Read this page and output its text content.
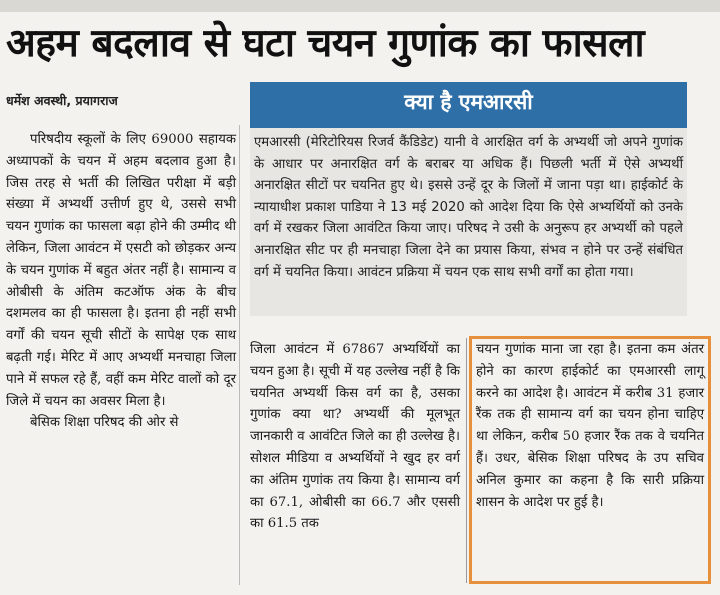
अहम बदलाव से घटा चयन गुणांक का फासला
धर्मेश अवस्थी, प्रयागराज	क्या है एमआरसी
एमआरसी (मेरिटोरियस रिजर्व कैंडिडेट) यानी वे आरक्षित वर्ग के अभ्यर्थी जो अपने गुणांक के आधार पर अनारक्षित वर्ग के बराबर या अधिक हैं। पिछली भर्ती में ऐसे अभ्यर्थी अनारक्षित सीटों पर चयनित हुए थे। इससे उन्हें दूर के जिलों में जाना पड़ा था। हाईकोर्ट के न्यायाधीश प्रकाश पाडिया ने 13 मई 2020 को आदेश दिया कि ऐसे अभ्यर्थियों को उनके वर्ग में रखकर जिला आवंटित किया जाए। परिषद ने उसी के अनुरूप हर अभ्यर्थी को पहले अनारक्षित सीट पर ही मनचाहा जिला देने का प्रयास किया, संभव न होने पर उन्हें संबंधित वर्ग में चयनित किया। आवंटन प्रक्रिया में चयन एक साथ सभी वर्गों का होता गया।

परिषदीय स्कूलों के लिए 69000 सहायक अध्यापकों के चयन में अहम बदलाव हुआ है। जिस तरह से भर्ती की लिखित परीक्षा में बड़ी संख्या में अभ्यर्थी उत्तीर्ण हुए थे, उससे सभी चयन गुणांक का फासला बढ़ा होने की उम्मीद थी लेकिन, जिला आवंटन में एसटी को छोड़कर अन्य के चयन गुणांक में बहुत अंतर नहीं है। सामान्य व ओबीसी के अंतिम कटऑफ अंक के बीच दशमलव का ही फासला है। इतना ही नहीं सभी वर्गों की चयन सूची सीटों के सापेक्ष एक साथ बढ़ती गई। मेरिट में आए अभ्यर्थी मनचाहा जिला पाने में सफल रहे हैं, वहीं कम मेरिट वालों को दूर जिले में चयन का अवसर मिला है।

बेसिक शिक्षा परिषद की ओर से

जिला आवंटन में 67867 अभ्यर्थियों का चयन हुआ है। सूची में यह उल्लेख नहीं है कि चयनित अभ्यर्थी किस वर्ग का है, उसका गुणांक क्या था? अभ्यर्थी की मूलभूत जानकारी व आवंटित जिले का ही उल्लेख है। सोशल मीडिया व अभ्यर्थियों ने खुद हर वर्ग का अंतिम गुणांक तय किया है। सामान्य वर्ग का 67.1, ओबीसी का 66.7 और एससी का 61.5 तक
चयन गुणांक माना जा रहा है। इतना कम अंतर होने का कारण हाईकोर्ट का एमआरसी लागू करने का आदेश है। आवंटन में करीब 31 हजार रैंक तक ही सामान्य वर्ग का चयन होना चाहिए था लेकिन, करीब 50 हजार रैंक तक वे चयनित हैं। उधर, बेसिक शिक्षा परिषद के उप सचिव अनिल कुमार का कहना है कि सारी प्रक्रिया शासन के आदेश पर हुई है।
